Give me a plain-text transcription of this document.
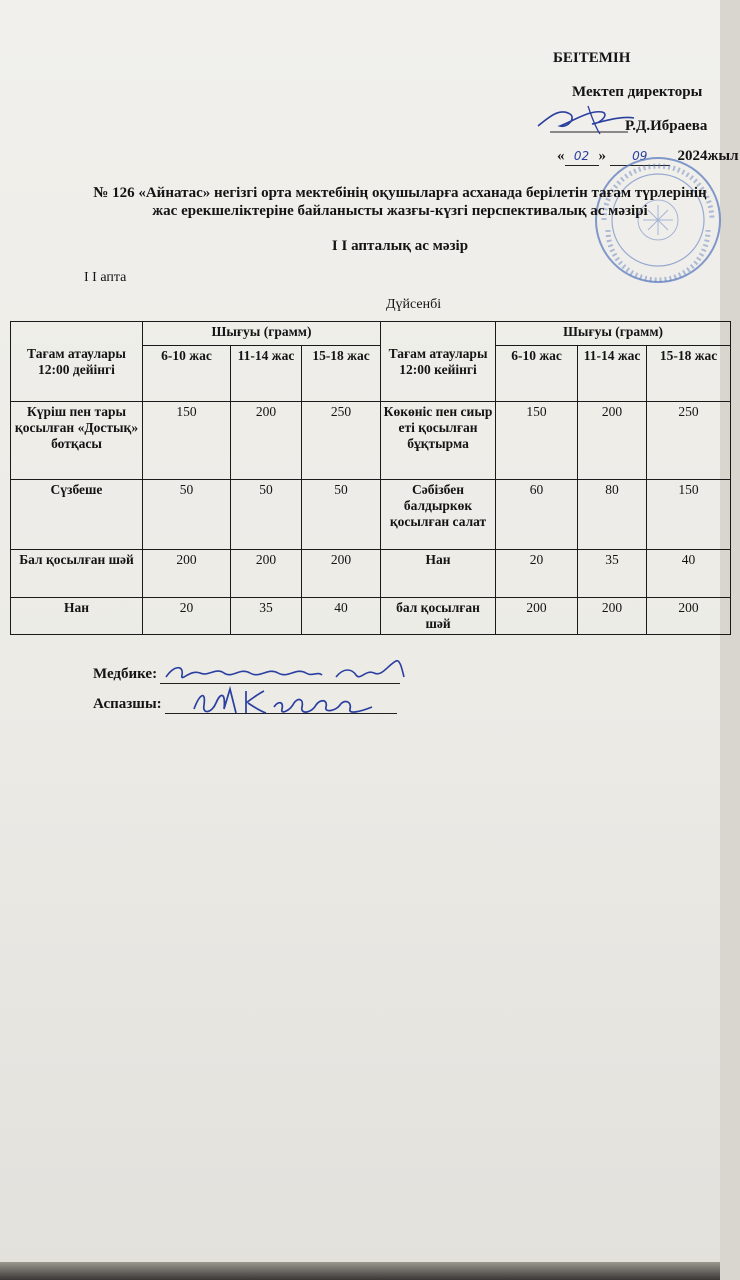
БЕІТЕМІН
Мектеп директоры
Р.Д.Ибраева
« 02 » 09 2024жыл
№ 126 «Айнатас» негізгі орта мектебінің оқушыларға асханада берілетін тағам түрлерінің
жас ерекшеліктеріне байланысты жазғы-күзгі перспективалық ас мәзірі
І І апталық ас мәзір
І І апта
Дүйсенбі
Тағам атаулары 12:00 дейінгі	Шығуы (грамм)			Тағам атаулары 12:00 кейінгі	Шығуы (грамм)		
	6-10 жас	11-14 жас	15-18 жас		6-10 жас	11-14 жас	15-18 жас
Күріш пен тары қосылған «Достық» ботқасы	150	200	250	Көкөніс пен сиыр еті қосылған бұқтырма	150	200	250
Сүзбеше	50	50	50	Сәбізбен балдыркөк қосылған салат	60	80	150
Бал қосылған шәй	200	200	200	Нан	20	35	40
Нан	20	35	40	бал қосылған шәй	200	200	200
Медбике:
Аспазшы:
